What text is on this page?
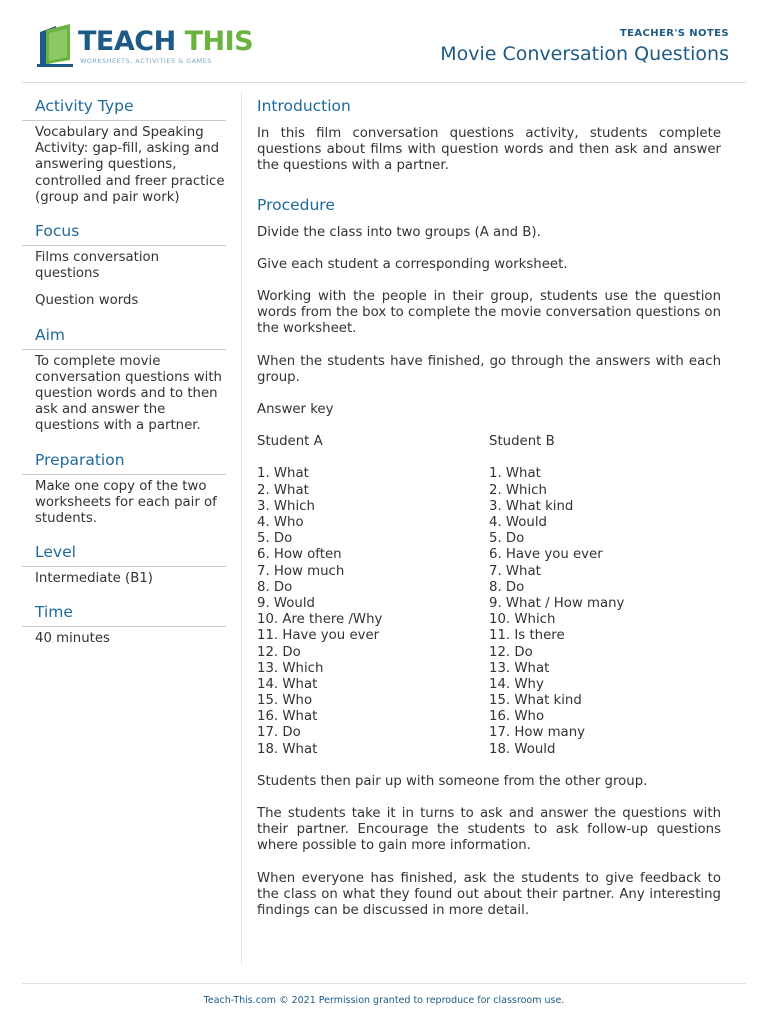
TEACH THIS
WORKSHEETS, ACTIVITIES & GAMES
TEACHER'S NOTES
Movie Conversation Questions
Activity Type

Vocabulary and Speaking Activity: gap-fill, asking and answering questions, controlled and freer practice (group and pair work)

Focus

Films conversation questions

Question words

Aim

To complete movie conversation questions with question words and to then ask and answer the questions with a partner.

Preparation

Make one copy of the two worksheets for each pair of students.

Level

Intermediate (B1)

Time

40 minutes

Introduction

In this film conversation questions activity, students complete questions about films with question words and then ask and answer the questions with a partner.

Procedure

Divide the class into two groups (A and B).

Give each student a corresponding worksheet.

Working with the people in their group, students use the question words from the box to complete the movie conversation questions on the worksheet.

When the students have finished, go through the answers with each group.

Answer key

Student A
1. What
2. What
3. Which
4. Who
5. Do
6. How often
7. How much
8. Do
9. Would
10. Are there /Why
11. Have you ever
12. Do
13. Which
14. What
15. Who
16. What
17. Do
18. What
Student B
1. What
2. Which
3. What kind
4. Would
5. Do
6. Have you ever
7. What
8. Do
9. What / How many
10. Which
11. Is there
12. Do
13. What
14. Why
15. What kind
16. Who
17. How many
18. Would

Students then pair up with someone from the other group.

The students take it in turns to ask and answer the questions with their partner. Encourage the students to ask follow-up questions where possible to gain more information.

When everyone has finished, ask the students to give feedback to the class on what they found out about their partner. Any interesting findings can be discussed in more detail.

Teach-This.com © 2021 Permission granted to reproduce for classroom use.
